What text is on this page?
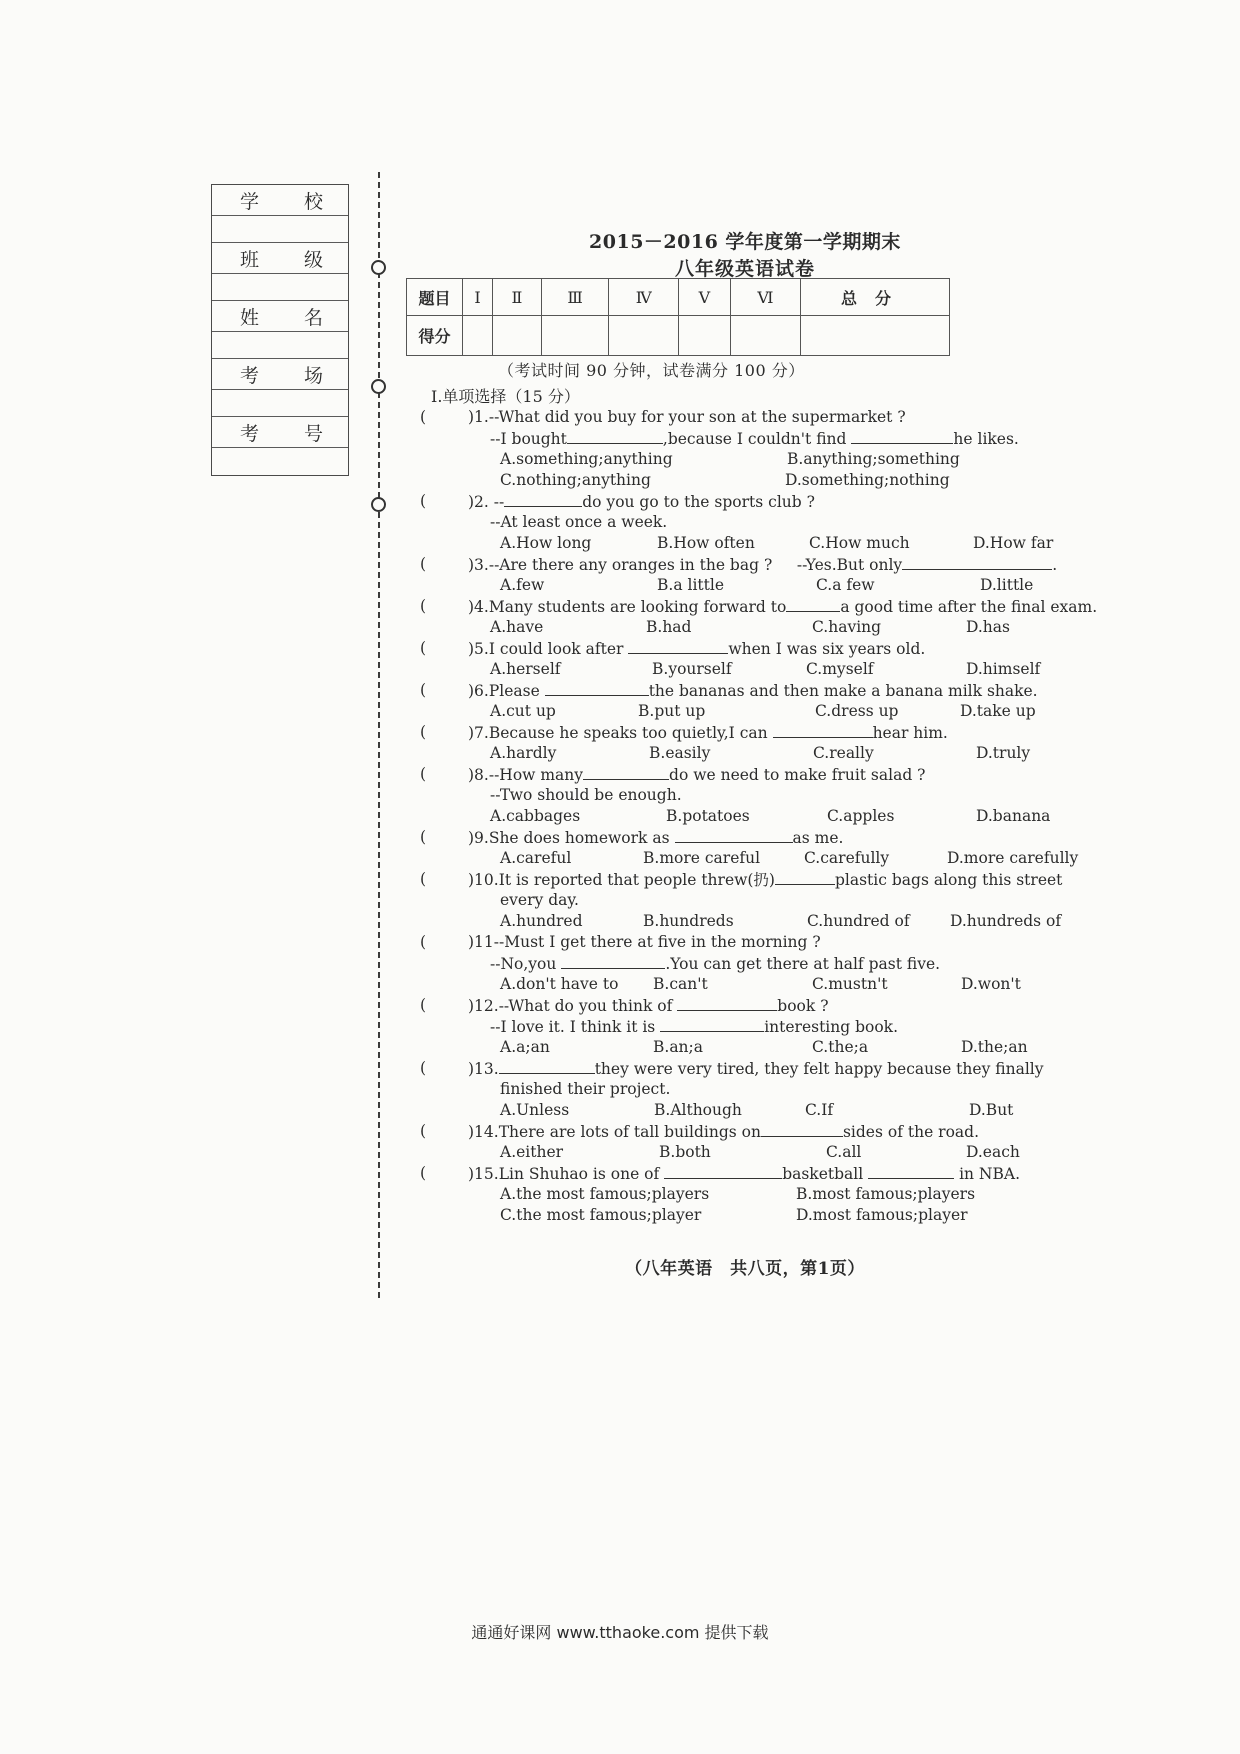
学 校
班 级
姓 名
考 场
考 号
2015－2016 学年度第一学期期末
八年级英语试卷
题目	Ⅰ	Ⅱ	Ⅲ	Ⅳ	Ⅴ	Ⅵ	总分
得分							
（考试时间 90 分钟，试卷满分 100 分）
Ⅰ.单项选择（15 分）
(	)1.--What did you buy for your son at the supermarket ?
--I bought	,because I couldn't find	he likes.
A.something;anything	B.anything;something
C.nothing;anything	D.something;nothing
(	)2. --	do you go to the sports club ?
--At least once a week.
A.How long	B.How often	C.How much	D.How far
(	)3.--Are there any oranges in the bag ? --Yes.But only	.
A.few	B.a little	C.a few	D.little
(	)4.Many students are looking forward to	a good time after the final exam.
A.have	B.had	C.having	D.has
(	)5.I could look after	when I was six years old.
A.herself	B.yourself	C.myself	D.himself
(	)6.Please	the bananas and then make a banana milk shake.
A.cut up	B.put up	C.dress up	D.take up
(	)7.Because he speaks too quietly,I can	hear him.
A.hardly	B.easily	C.really	D.truly
(	)8.--How many	do we need to make fruit salad ?
--Two should be enough.
A.cabbages	B.potatoes	C.apples	D.banana
(	)9.She does homework as	as me.
A.careful	B.more careful	C.carefully	D.more carefully
(	)10.It is reported that people threw(扔)	plastic bags along this street
every day.
A.hundred	B.hundreds	C.hundred of	D.hundreds of
(	)11--Must I get there at five in the morning ?
--No,you	.You can get there at half past five.
A.don't have to B.can't	C.mustn't	D.won't
(	)12.--What do you think of	book ?
--I love it. I think it is	interesting book.
A.a;an	B.an;a	C.the;a	D.the;an
(	)13.	they were very tired, they felt happy because they finally
finished their project.
A.Unless	B.Although	C.If	D.But
(	)14.There are lots of tall buildings on	sides of the road.
A.either	B.both	C.all	D.each
(	)15.Lin Shuhao is one of	basketball	in NBA.
A.the most famous;players	B.most famous;players
C.the most famous;player	D.most famous;player
（八年英语　共八页，第1页）
通通好课网 www.tthaoke.com 提供下载
